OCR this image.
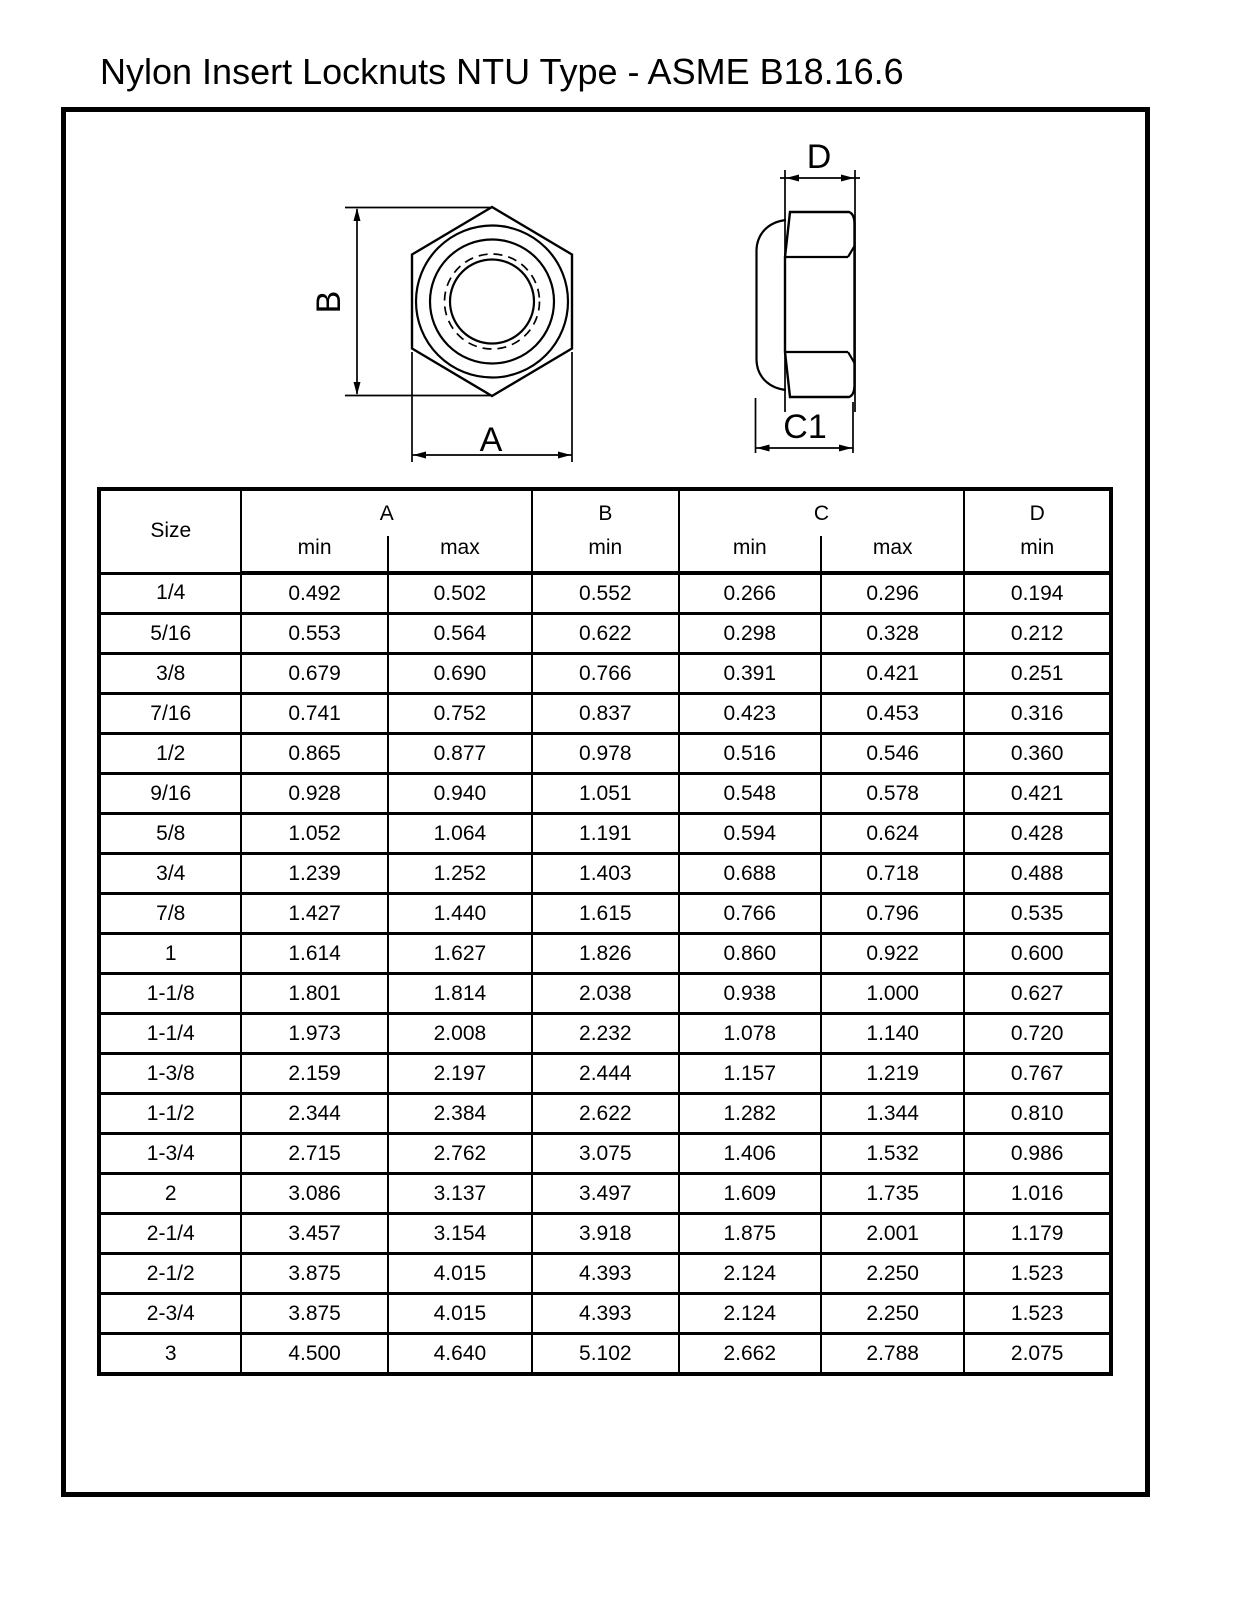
Nylon Insert Locknuts NTU Type - ASME B18.16.6
B
A
D
C1
Size	A		B	C		D
	min	max	min	min	max	min
1/4	0.492	0.502	0.552	0.266	0.296	0.194
5/16	0.553	0.564	0.622	0.298	0.328	0.212
3/8	0.679	0.690	0.766	0.391	0.421	0.251
7/16	0.741	0.752	0.837	0.423	0.453	0.316
1/2	0.865	0.877	0.978	0.516	0.546	0.360
9/16	0.928	0.940	1.051	0.548	0.578	0.421
5/8	1.052	1.064	1.191	0.594	0.624	0.428
3/4	1.239	1.252	1.403	0.688	0.718	0.488
7/8	1.427	1.440	1.615	0.766	0.796	0.535
1	1.614	1.627	1.826	0.860	0.922	0.600
1-1/8	1.801	1.814	2.038	0.938	1.000	0.627
1-1/4	1.973	2.008	2.232	1.078	1.140	0.720
1-3/8	2.159	2.197	2.444	1.157	1.219	0.767
1-1/2	2.344	2.384	2.622	1.282	1.344	0.810
1-3/4	2.715	2.762	3.075	1.406	1.532	0.986
2	3.086	3.137	3.497	1.609	1.735	1.016
2-1/4	3.457	3.154	3.918	1.875	2.001	1.179
2-1/2	3.875	4.015	4.393	2.124	2.250	1.523
2-3/4	3.875	4.015	4.393	2.124	2.250	1.523
3	4.500	4.640	5.102	2.662	2.788	2.075
